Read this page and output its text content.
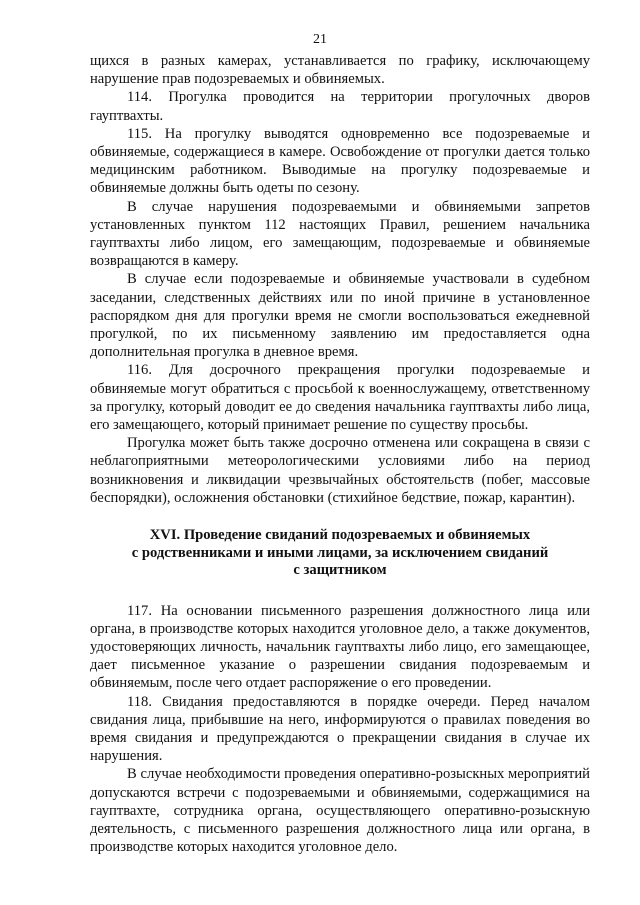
21

щихся в разных камерах, устанавливается по графику, исключающему нарушение прав подозреваемых и обвиняемых.

114. Прогулка проводится на территории прогулочных дворов гауптвахты.

115. На прогулку выводятся одновременно все подозреваемые и обвиняемые, содержащиеся в камере. Освобождение от прогулки дается только медицинским работником. Выводимые на прогулку подозреваемые и обвиняемые должны быть одеты по сезону.

В случае нарушения подозреваемыми и обвиняемыми запретов установленных пунктом 112 настоящих Правил, решением начальника гауптвахты либо лицом, его замещающим, подозреваемые и обвиняемые возвращаются в камеру.

В случае если подозреваемые и обвиняемые участвовали в судебном заседании, следственных действиях или по иной причине в установленное распорядком дня для прогулки время не смогли воспользоваться ежедневной прогулкой, по их письменному заявлению им предоставляется одна дополнительная прогулка в дневное время.

116. Для досрочного прекращения прогулки подозреваемые и обвиняемые могут обратиться с просьбой к военнослужащему, ответственному за прогулку, который доводит ее до сведения начальника гауптвахты либо лица, его замещающего, который принимает решение по существу просьбы.

Прогулка может быть также досрочно отменена или сокращена в связи с неблагоприятными метеорологическими условиями либо на период возникновения и ликвидации чрезвычайных обстоятельств (побег, массовые беспорядки), осложнения обстановки (стихийное бедствие, пожар, карантин).

XVI. Проведение свиданий подозреваемых и обвиняемых
с родственниками и иными лицами, за исключением свиданий
с защитником

117. На основании письменного разрешения должностного лица или органа, в производстве которых находится уголовное дело, а также документов, удостоверяющих личность, начальник гауптвахты либо лицо, его замещающее, дает письменное указание о разрешении свидания подозреваемым и обвиняемым, после чего отдает распоряжение о его проведении.

118. Свидания предоставляются в порядке очереди. Перед началом свидания лица, прибывшие на него, информируются о правилах поведения во время свидания и предупреждаются о прекращении свидания в случае их нарушения.

В случае необходимости проведения оперативно-розыскных мероприятий допускаются встречи с подозреваемыми и обвиняемыми, содержащимися на гауптвахте, сотрудника органа, осуществляющего оперативно-розыскную деятельность, с письменного разрешения должностного лица или органа, в производстве которых находится уголовное дело.
